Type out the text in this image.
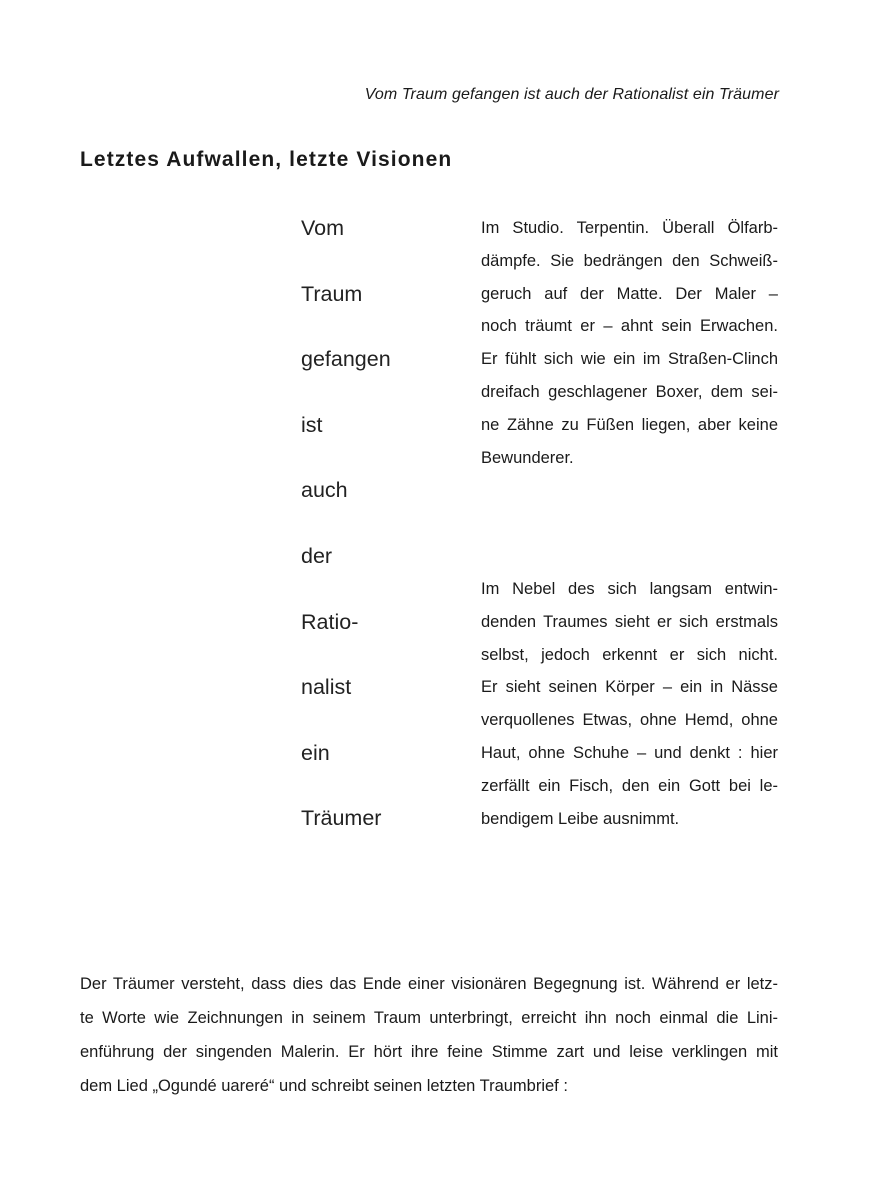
Vom Traum gefangen ist auch der Rationalist ein Träumer
Letztes Aufwallen, letzte Visionen
Vom
Traum
gefangen
ist
auch
der
Ratio-
nalist
ein
Träumer

Im Studio. Terpentin. Überall Ölfarb-
dämpfe. Sie bedrängen den Schweiß-
geruch auf der Matte. Der Maler –
noch träumt er – ahnt sein Erwachen.
Er fühlt sich wie ein im Straßen-Clinch
dreifach geschlagener Boxer, dem sei-
ne Zähne zu Füßen liegen, aber keine
Bewunderer.

Im Nebel des sich langsam entwin-
denden Traumes sieht er sich erstmals
selbst, jedoch erkennt er sich nicht.
Er sieht seinen Körper – ein in Nässe
verquollenes Etwas, ohne Hemd, ohne
Haut, ohne Schuhe – und denkt : hier
zerfällt ein Fisch, den ein Gott bei le-
bendigem Leibe ausnimmt.

Der Träumer versteht, dass dies das Ende einer visionären Begegnung ist. Während er letz-
te Worte wie Zeichnungen in seinem Traum unterbringt, erreicht ihn noch einmal die Lini-
enführung der singenden Malerin. Er hört ihre feine Stimme zart und leise verklingen mit
dem Lied „Ogundé uareré“ und schreibt seinen letzten Traumbrief :
